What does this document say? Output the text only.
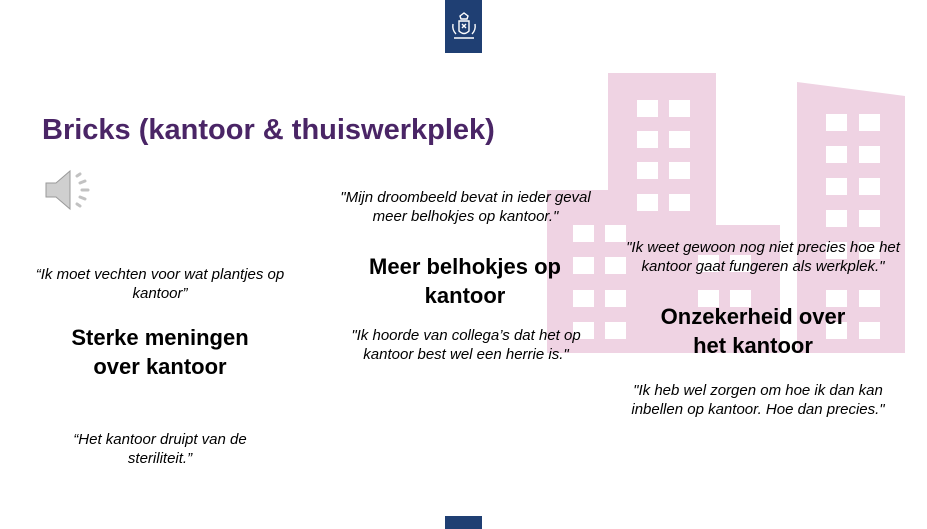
Bricks (kantoor & thuiswerkplek)
“Ik moet vechten voor wat plantjes op kantoor”
Sterke meningen over kantoor
“Het kantoor druipt van de steriliteit.”
"Mijn droombeeld bevat in ieder geval meer belhokjes op kantoor."
Meer belhokjes op kantoor
"Ik hoorde van collega’s dat het op kantoor best wel een herrie is."
"Ik weet gewoon nog niet precies hoe het kantoor gaat fungeren als werkplek."
Onzekerheid over het kantoor
"Ik heb wel zorgen om hoe ik dan kan inbellen op kantoor. Hoe dan precies."
